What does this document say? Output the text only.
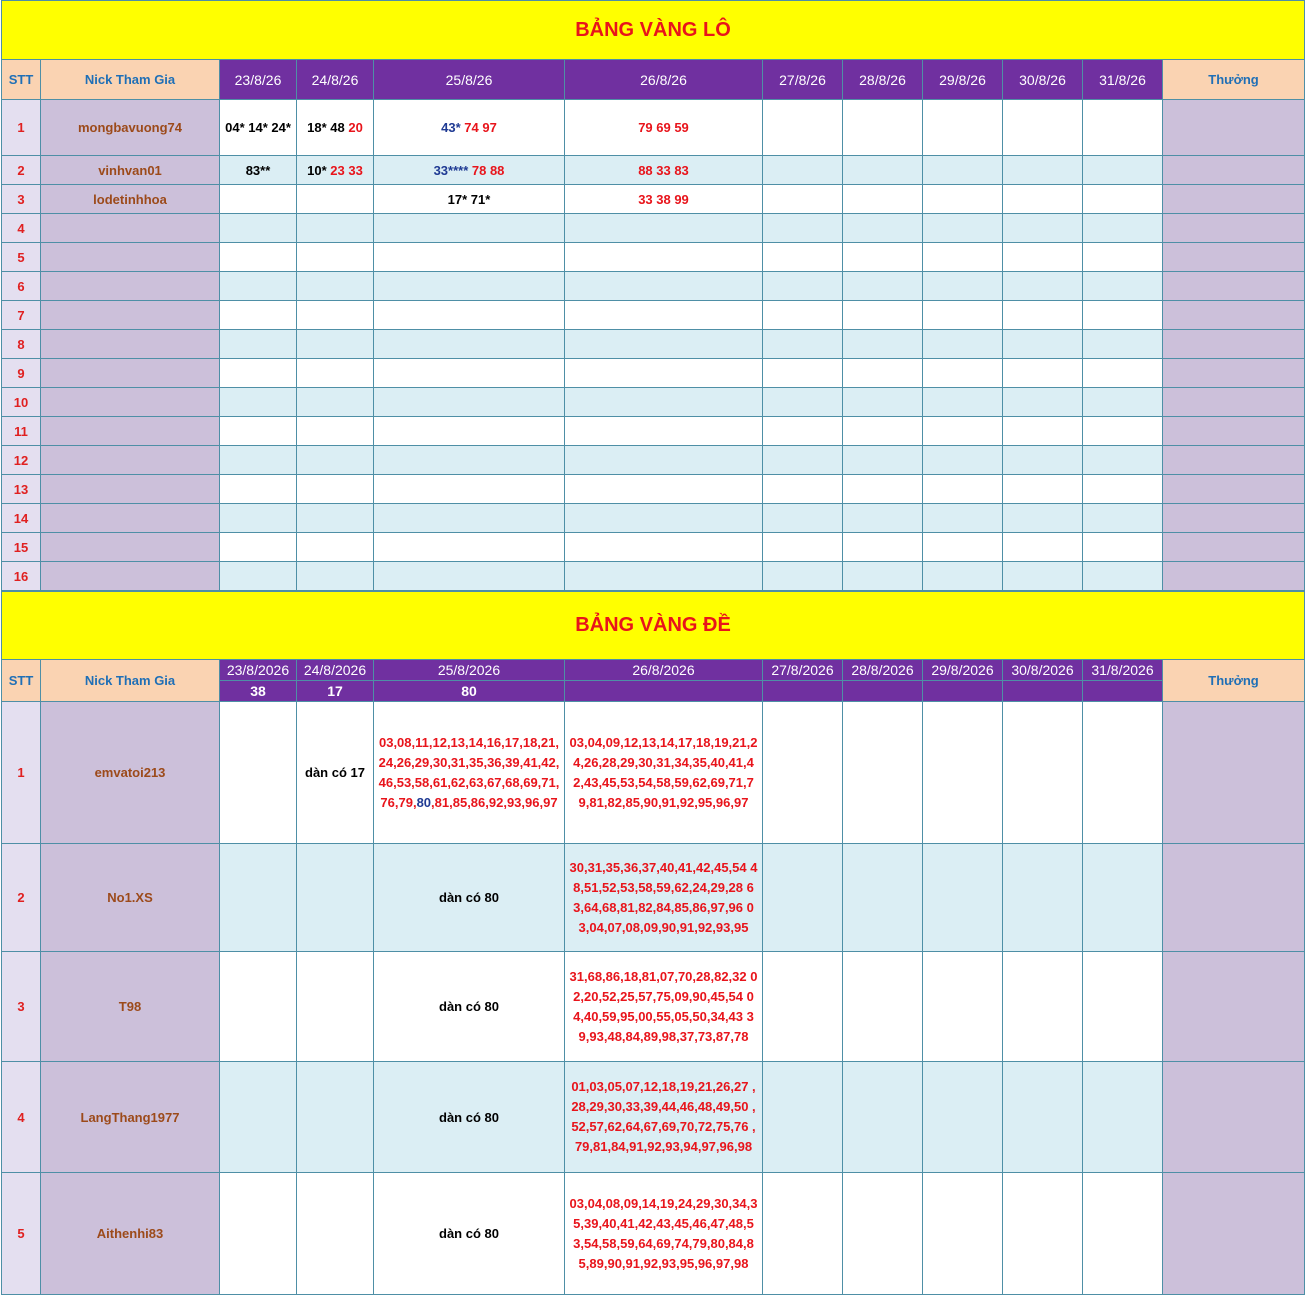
BẢNG VÀNG LÔ											
STT	Nick Tham Gia	23/8/26	24/8/26	25/8/26	26/8/26	27/8/26	28/8/26	29/8/26	30/8/26	31/8/26	Thưởng
1	mongbavuong74	04* 14* 24*	18* 48 20	43* 74 97	79 69 59						
2	vinhvan01	83**	10* 23 33	33**** 78 88	88 33 83						
3	lodetinhhoa			17* 71*	33 38 99						
4											
5											
6											
7											
8											
9											
10											
11											
12											
13											
14											
15											
16											
BẢNG VÀNG ĐỀ											
STT	Nick Tham Gia	23/8/2026	24/8/2026	25/8/2026	26/8/2026	27/8/2026	28/8/2026	29/8/2026	30/8/2026	31/8/2026	Thưởng
		38	17	80							
1	emvatoi213		dàn có 17	03,08,11,12,13,14,16,17,18,21,24,26,29,30,31,35,36,39,41,42,46,53,58,61,62,63,67,68,69,71,76,79,80,81,85,86,92,93,96,97	03,04,09,12,13,14,17,18,19,21,24,26,28,29,30,31,34,35,40,41,42,43,45,53,54,58,59,62,69,71,79,81,82,85,90,91,92,95,96,97						
2	No1.XS			dàn có 80	30,31,35,36,37,40,41,42,45,54 48,51,52,53,58,59,62,24,29,28 63,64,68,81,82,84,85,86,97,96 03,04,07,08,09,90,91,92,93,95						
3	T98			dàn có 80	31,68,86,18,81,07,70,28,82,32 02,20,52,25,57,75,09,90,45,54 04,40,59,95,00,55,05,50,34,43 39,93,48,84,89,98,37,73,87,78						
4	LangThang1977			dàn có 80	01,03,05,07,12,18,19,21,26,27 ,28,29,30,33,39,44,46,48,49,50 ,52,57,62,64,67,69,70,72,75,76 ,79,81,84,91,92,93,94,97,96,98						
5	Aithenhi83			dàn có 80	03,04,08,09,14,19,24,29,30,34,35,39,40,41,42,43,45,46,47,48,53,54,58,59,64,69,74,79,80,84,85,89,90,91,92,93,95,96,97,98						
